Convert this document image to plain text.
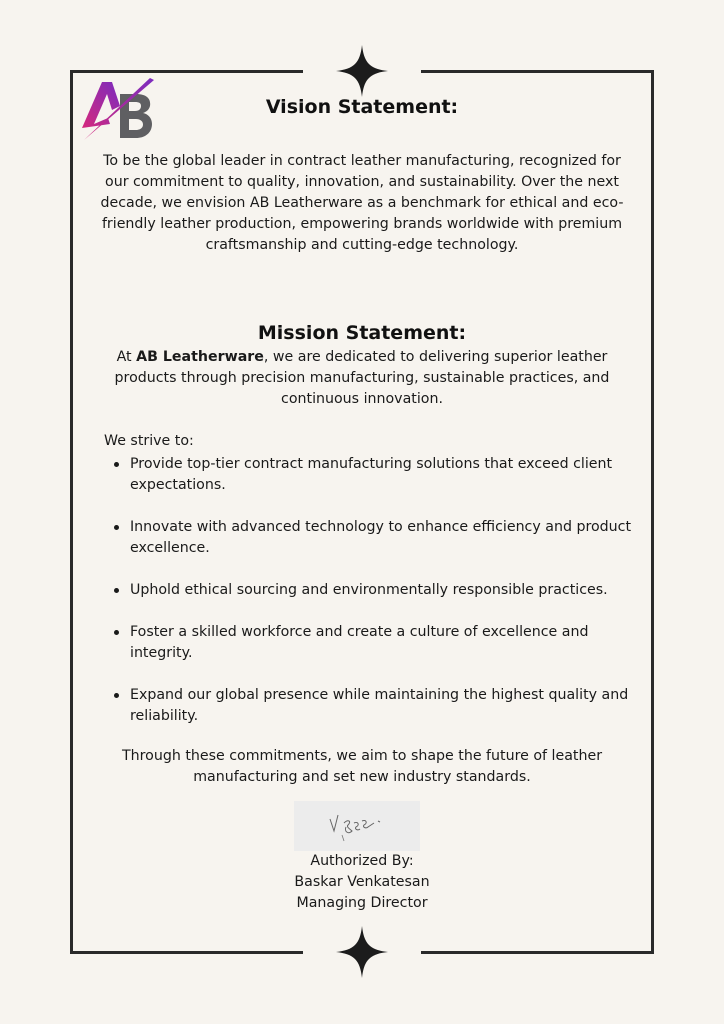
Vision Statement:

To be the global leader in contract leather manufacturing, recognized for our commitment to quality, innovation, and sustainability. Over the next decade, we envision AB Leatherware as a benchmark for ethical and eco-friendly leather production, empowering brands worldwide with premium craftsmanship and cutting-edge technology.

Mission Statement:

At AB Leatherware, we are dedicated to delivering superior leather products through precision manufacturing, sustainable practices, and continuous innovation.

We strive to:
Provide top-tier contract manufacturing solutions that exceed client expectations.
Innovate with advanced technology to enhance efficiency and product excellence.
Uphold ethical sourcing and environmentally responsible practices.
Foster a skilled workforce and create a culture of excellence and integrity.
Expand our global presence while maintaining the highest quality and reliability.

Through these commitments, we aim to shape the future of leather manufacturing and set new industry standards.

Authorized By:
Baskar Venkatesan
Managing Director
